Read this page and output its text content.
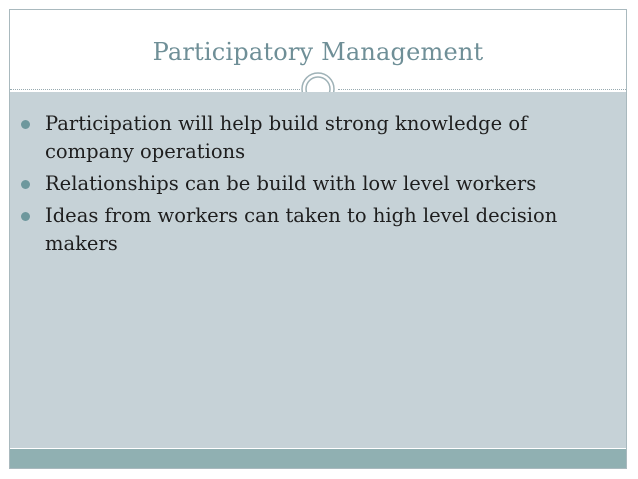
Participatory Management
Participation will help build strong knowledge of company operations
Relationships can be build with low level workers
Ideas from workers can taken to high level decision makers
